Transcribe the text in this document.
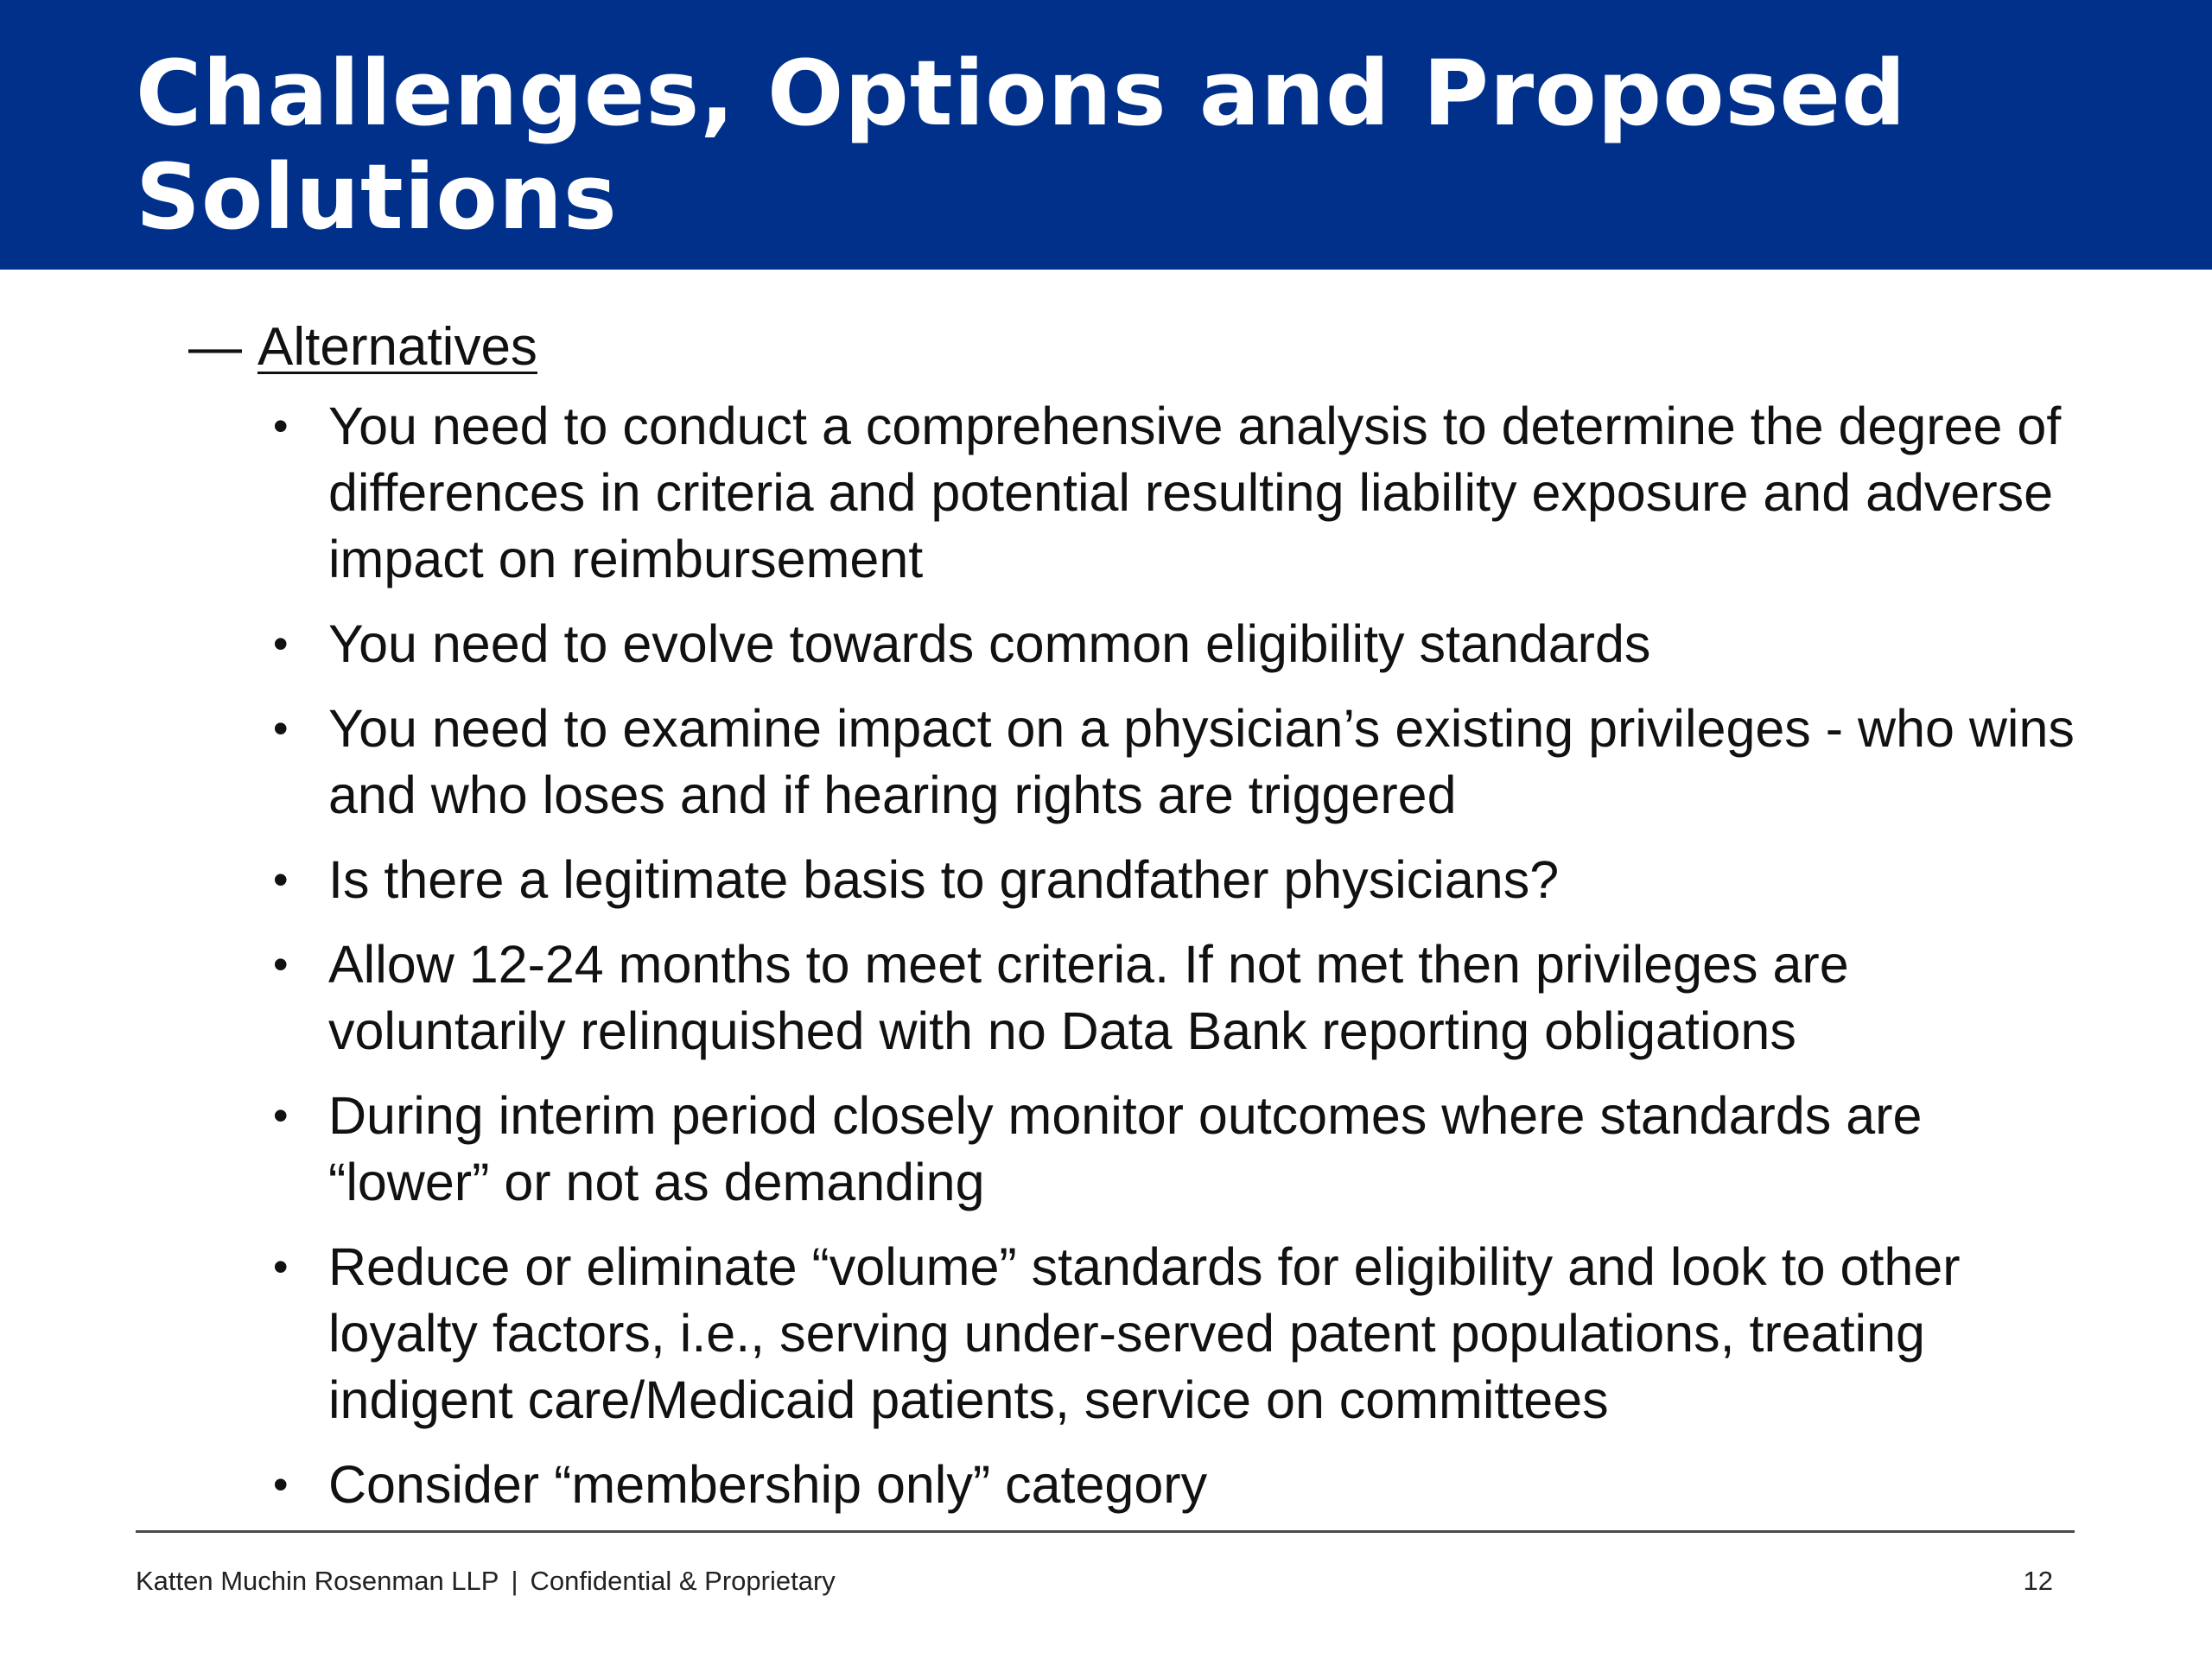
Challenges, Options and Proposed Solutions
— Alternatives
• You need to conduct a comprehensive analysis to determine the degree of differences in criteria and potential resulting liability exposure and adverse impact on reimbursement
• You need to evolve towards common eligibility standards
• You need to examine impact on a physician’s existing privileges - who wins and who loses and if hearing rights are triggered
• Is there a legitimate basis to grandfather physicians?
• Allow 12-24 months to meet criteria. If not met then privileges are voluntarily relinquished with no Data Bank reporting obligations
• During interim period closely monitor outcomes where standards are “lower” or not as demanding
• Reduce or eliminate “volume” standards for eligibility and look to other loyalty factors, i.e., serving under-served patent populations, treating indigent care/Medicaid patients, service on committees
• Consider “membership only” category
Katten Muchin Rosenman LLP | Confidential & Proprietary	12
